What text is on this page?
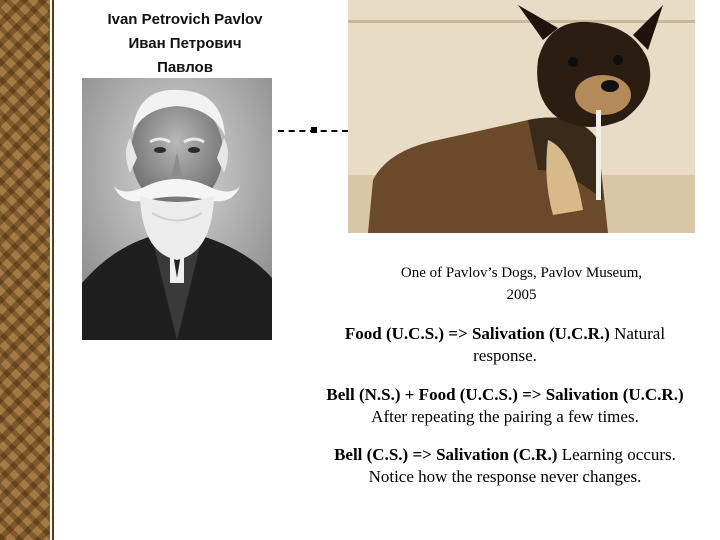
Ivan Petrovich Pavlov
Иван Петрович
Павлов
One of Pavlov’s Dogs, Pavlov Museum,
2005
Food (U.C.S.) => Salivation (U.C.R.) Natural
response.
Bell (N.S.) + Food (U.C.S.) => Salivation (U.C.R.)
After repeating the pairing a few times.
Bell (C.S.) => Salivation (C.R.) Learning occurs.
Notice how the response never changes.
